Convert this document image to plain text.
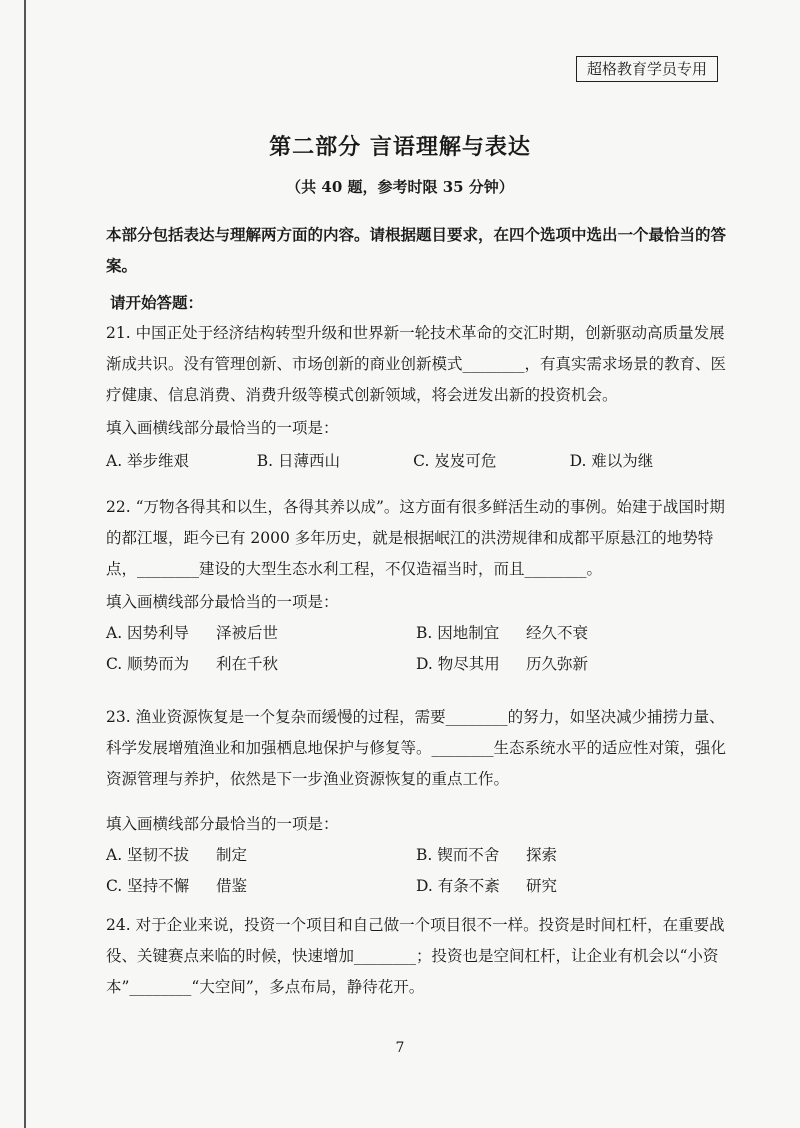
超格教育学员专用
第二部分 言语理解与表达
（共 40 题，参考时限 35 分钟）

本部分包括表达与理解两方面的内容。请根据题目要求，在四个选项中选出一个最恰当的答案。

请开始答题：

21. 中国正处于经济结构转型升级和世界新一轮技术革命的交汇时期，创新驱动高质量发展渐成共识。没有管理创新、市场创新的商业创新模式________，有真实需求场景的教育、医疗健康、信息消费、消费升级等模式创新领域，将会迸发出新的投资机会。

填入画横线部分最恰当的一项是：

A. 举步维艰	B. 日薄西山	C. 岌岌可危	D. 难以为继

22. “万物各得其和以生，各得其养以成”。这方面有很多鲜活生动的事例。始建于战国时期的都江堰，距今已有 2000 多年历史，就是根据岷江的洪涝规律和成都平原悬江的地势特点，________建设的大型生态水利工程，不仅造福当时，而且________。

填入画横线部分最恰当的一项是：

A. 因势利导 泽被后世	B. 因地制宜 经久不衰
C. 顺势而为 利在千秋	D. 物尽其用 历久弥新

23. 渔业资源恢复是一个复杂而缓慢的过程，需要________的努力，如坚决减少捕捞力量、科学发展增殖渔业和加强栖息地保护与修复等。________生态系统水平的适应性对策，强化资源管理与养护，依然是下一步渔业资源恢复的重点工作。

填入画横线部分最恰当的一项是：

A. 坚韧不拔 制定	B. 锲而不舍 探索
C. 坚持不懈 借鉴	D. 有条不紊 研究

24. 对于企业来说，投资一个项目和自己做一个项目很不一样。投资是时间杠杆，在重要战役、关键赛点来临的时候，快速增加________；投资也是空间杠杆，让企业有机会以“小资本”________“大空间”，多点布局，静待花开。

7
